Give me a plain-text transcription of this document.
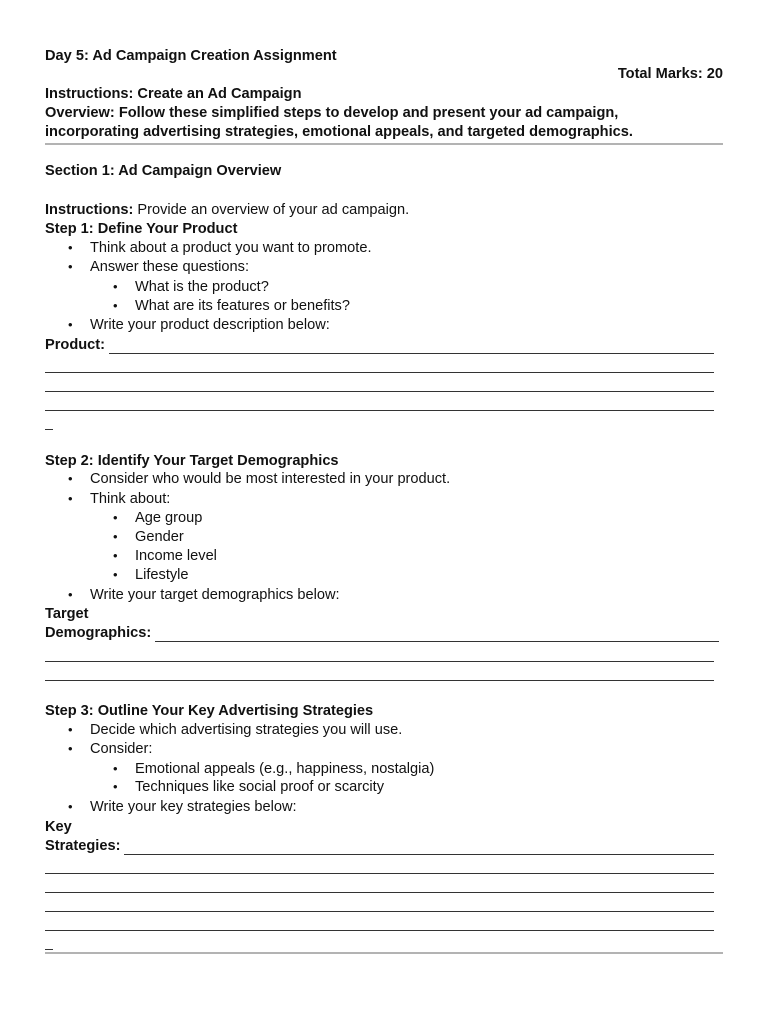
Day 5: Ad Campaign Creation Assignment
Total Marks: 20
Instructions: Create an Ad Campaign
Overview: Follow these simplified steps to develop and present your ad campaign,
incorporating advertising strategies, emotional appeals, and targeted demographics.
Section 1: Ad Campaign Overview
Instructions: Provide an overview of your ad campaign.
Step 1: Define Your Product
• Think about a product you want to promote.
• Answer these questions:
• What is the product?
• What are its features or benefits?
• Write your product description below:
Product:
Step 2: Identify Your Target Demographics
• Consider who would be most interested in your product.
• Think about:
• Age group
• Gender
• Income level
• Lifestyle
• Write your target demographics below:
Target
Demographics:
Step 3: Outline Your Key Advertising Strategies
• Decide which advertising strategies you will use.
• Consider:
• Emotional appeals (e.g., happiness, nostalgia)
• Techniques like social proof or scarcity
• Write your key strategies below:
Key
Strategies:
